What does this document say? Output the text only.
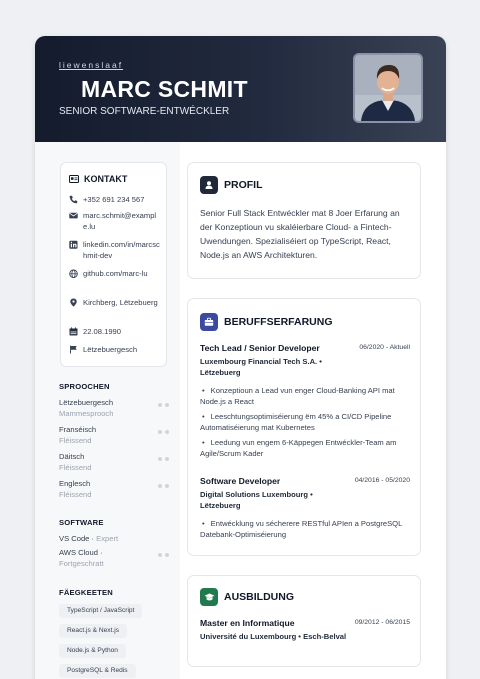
liewenslaaf
MARC SCHMIT
SENIOR SOFTWARE-ENTWÉCKLER
KONTAKT
+352 691 234 567
marc.schmit@example.lu
linkedin.com/in/marcschmit-dev
github.com/marc-lu
Kirchberg, Lëtzebuerg
22.08.1990
Lëtzebuergesch
SPROOCHEN
Lëtzebuergesch
Mammesprooch
Franséisch
Fléissend
Däitsch
Fléissend
Englesch
Fléissend
SOFTWARE
VS Code · Expert
AWS Cloud ·
Fortgeschratt
FÄEGKEETEN
TypeScript / JavaScript
React.js & Next.js
Node.js & Python
PostgreSQL & Redis
PROFIL
Senior Full Stack Entwéckler mat 8 Joer Erfarung an der Konzeptioun vu skaléierbare Cloud- a Fintech-Uwendungen. Spezialiséiert op TypeScript, React, Node.js an AWS Architekturen.
BERUFFSERFARUNG
Tech Lead / Senior Developer	06/2020 - Aktuell
Luxembourg Financial Tech S.A. • Lëtzebuerg
• Konzeptioun a Lead vun enger Cloud-Banking API mat Node.js a React
• Leeschtungsoptimiséierung ëm 45% a CI/CD Pipeline Automatiséierung mat Kubernetes
• Leedung vun engem 6-Käppegen Entwéckler-Team am Agile/Scrum Kader
Software Developer	04/2016 - 05/2020
Digital Solutions Luxembourg • Lëtzebuerg
• Entwécklung vu sécherere RESTful APIen a PostgreSQL Datebank-Optimiséierung
AUSBILDUNG
Master en Informatique	09/2012 - 06/2015
Université du Luxembourg • Esch-Belval
